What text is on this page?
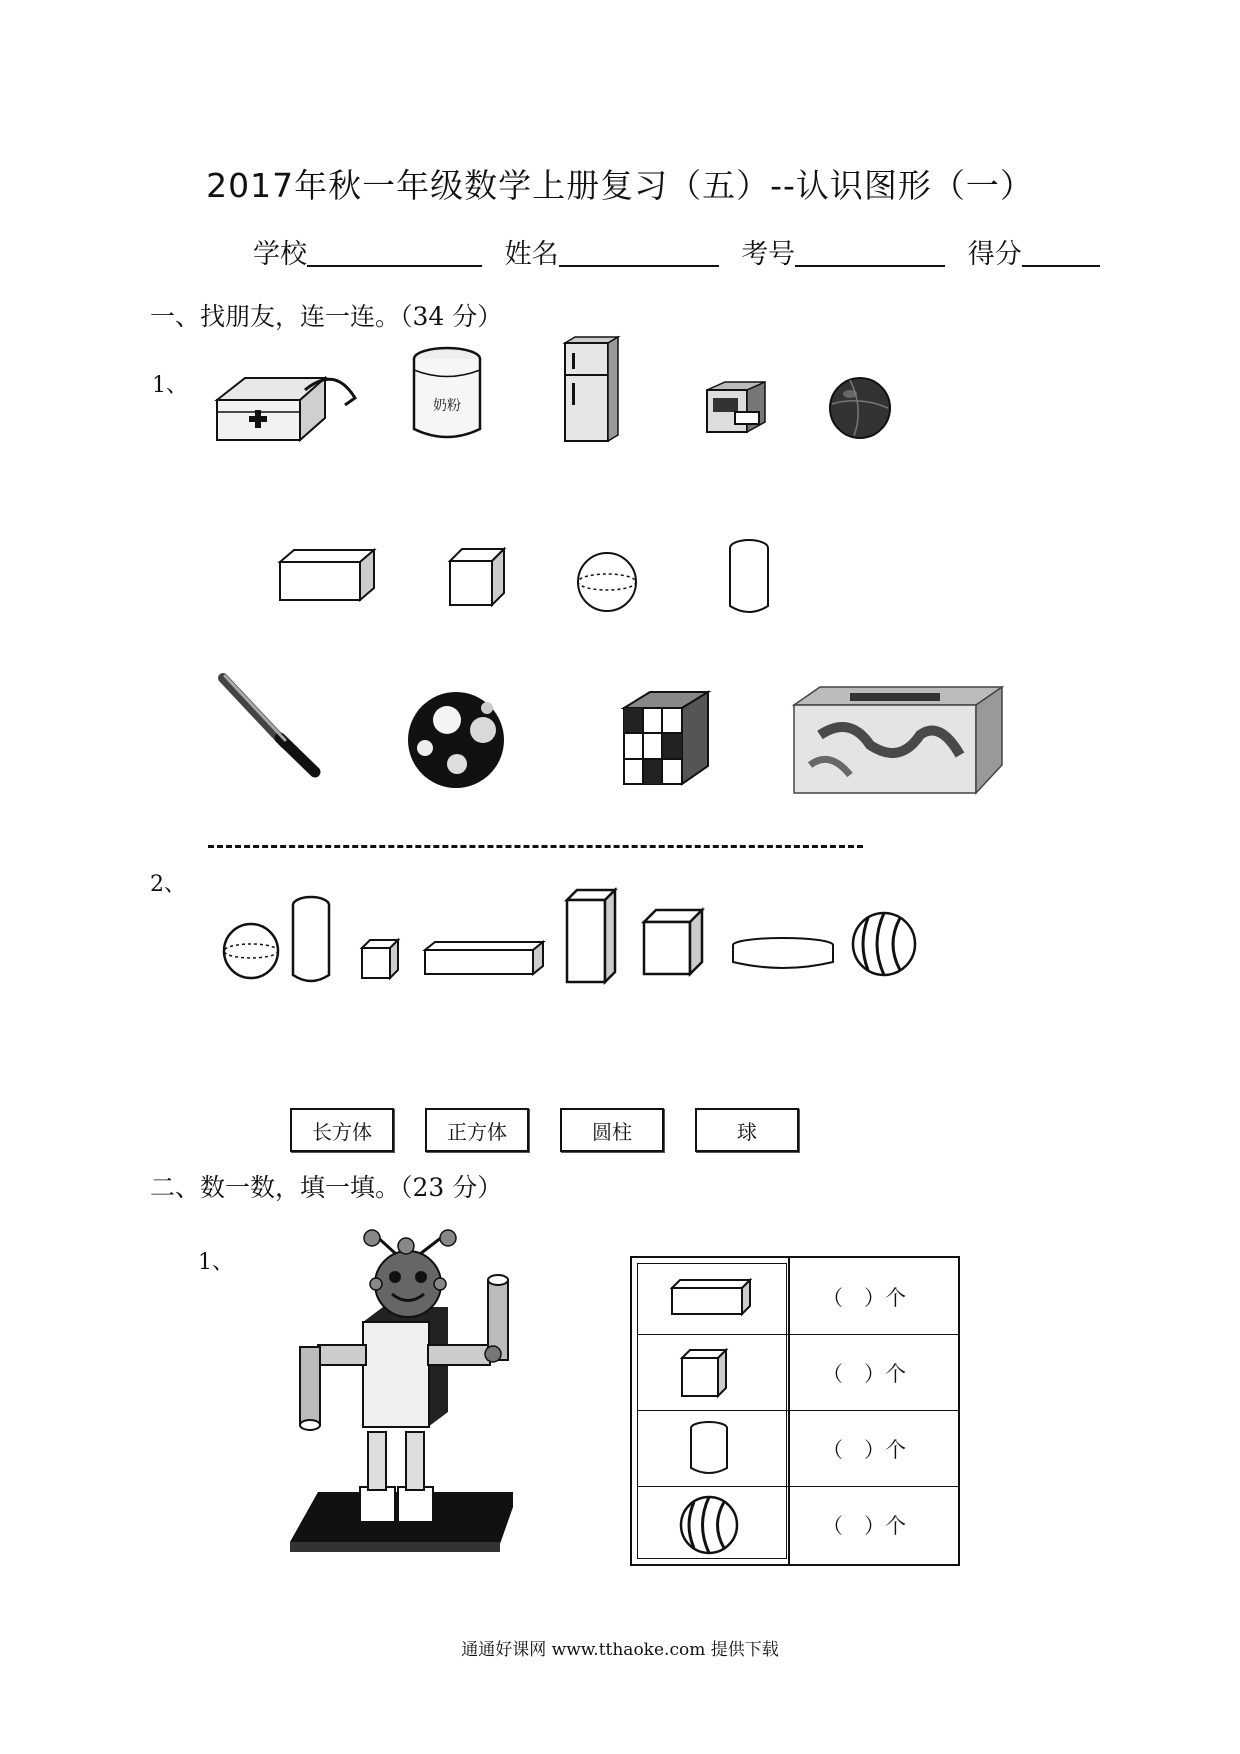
2017年秋一年级数学上册复习（五）--认识图形（一）
学校	姓名	考号	得分
一、找朋友，连一连。（34 分）
1、
奶粉
2、
长方体	正方体	圆柱	球
二、数一数，填一填。（23 分）
1、
（　）个
（　）个
（　）个
（　）个
通通好课网 www.tthaoke.com 提供下载
